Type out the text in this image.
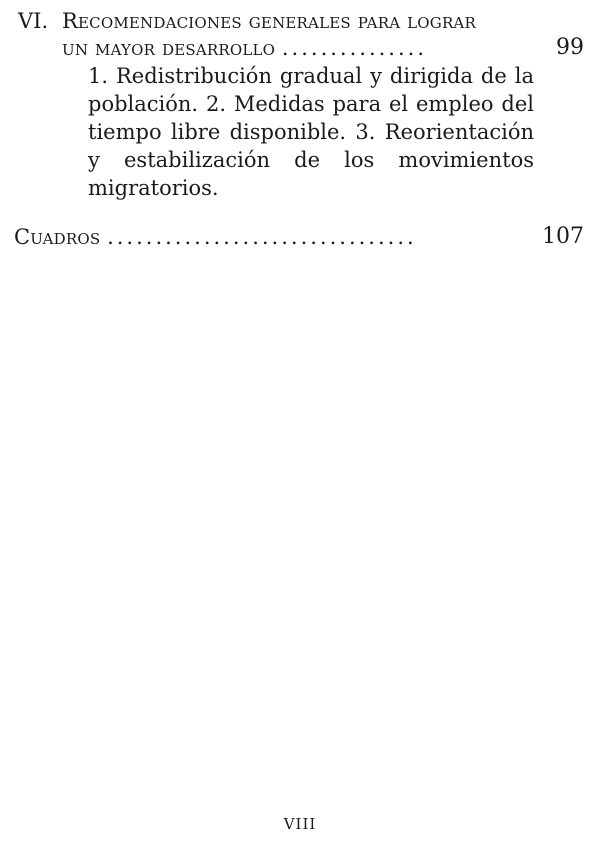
VI. Recomendaciones generales para lograr
un mayor desarrollo ...............	99
1. Redistribución gradual y dirigida de la población. 2. Medidas para el empleo del tiempo libre disponible. 3. Reorientación y estabilización de los movimientos migratorios.
Cuadros ................................	107
VIII
